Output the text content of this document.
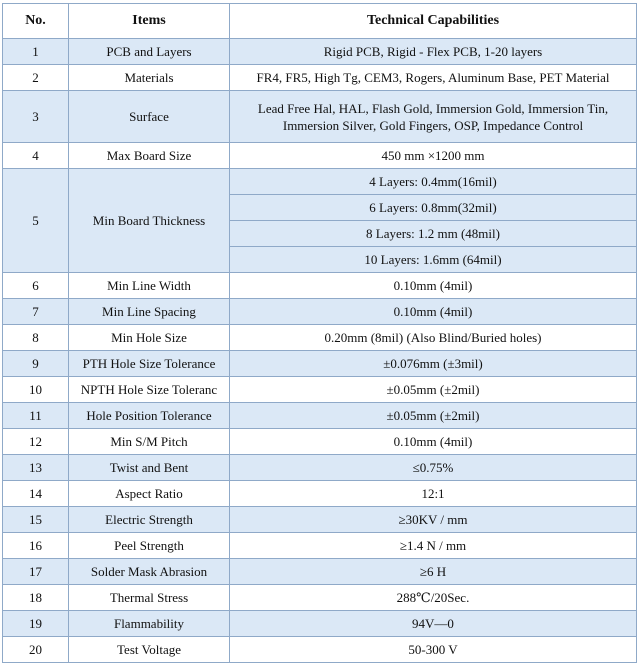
No.	Items	Technical Capabilities
1	PCB and Layers	Rigid PCB, Rigid - Flex PCB, 1-20 layers
2	Materials	FR4, FR5, High Tg, CEM3, Rogers, Aluminum Base, PET Material
3	Surface	Lead Free Hal, HAL, Flash Gold, Immersion Gold, Immersion Tin, Immersion Silver, Gold Fingers, OSP, Impedance Control
4	Max Board Size	450 mm ×1200 mm
5	Min Board Thickness	4 Layers: 0.4mm(16mil)
		6 Layers: 0.8mm(32mil)
		8 Layers: 1.2 mm (48mil)
		10 Layers: 1.6mm (64mil)
6	Min Line Width	0.10mm (4mil)
7	Min Line Spacing	0.10mm (4mil)
8	Min Hole Size	0.20mm (8mil) (Also Blind/Buried holes)
9	PTH Hole Size Tolerance	±0.076mm (±3mil)
10	NPTH Hole Size Toleranc	±0.05mm (±2mil)
11	Hole Position Tolerance	±0.05mm (±2mil)
12	Min S/M Pitch	0.10mm (4mil)
13	Twist and Bent	≤0.75%
14	Aspect Ratio	12:1
15	Electric Strength	≥30KV / mm
16	Peel Strength	≥1.4 N / mm
17	Solder Mask Abrasion	≥6 H
18	Thermal Stress	288℃/20Sec.
19	Flammability	94V—0
20	Test Voltage	50-300 V
